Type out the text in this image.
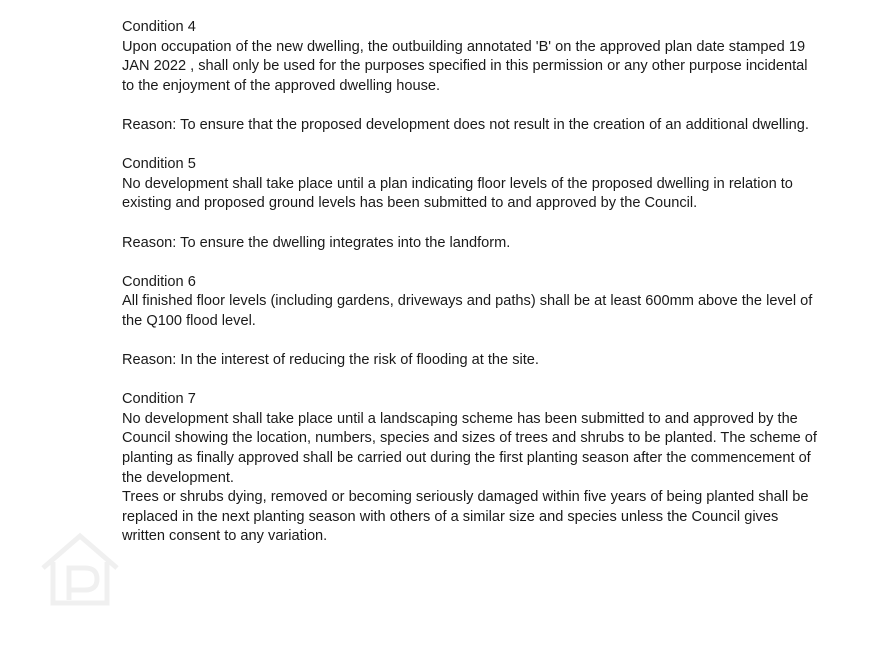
Condition 4

Upon occupation of the new dwelling, the outbuilding annotated 'B' on the approved plan date stamped 19 JAN 2022 , shall only be used for the purposes specified in this permission or any other purpose incidental to the enjoyment of the approved dwelling house.

Reason: To ensure that the proposed development does not result in the creation of an additional dwelling.

Condition 5

No development shall take place until a plan indicating floor levels of the proposed dwelling in relation to existing and proposed ground levels has been submitted to and approved by the Council.

Reason: To ensure the dwelling integrates into the landform.

Condition 6

All finished floor levels (including gardens, driveways and paths) shall be at least 600mm above the level of the Q100 flood level.

Reason: In the interest of reducing the risk of flooding at the site.

Condition 7

No development shall take place until a landscaping scheme has been submitted to and approved by the Council showing the location, numbers, species and sizes of trees and shrubs to be planted. The scheme of planting as finally approved shall be carried out during the first planting season after the commencement of the development.

Trees or shrubs dying, removed or becoming seriously damaged within five years of being planted shall be replaced in the next planting season with others of a similar size and species unless the Council gives written consent to any variation.
